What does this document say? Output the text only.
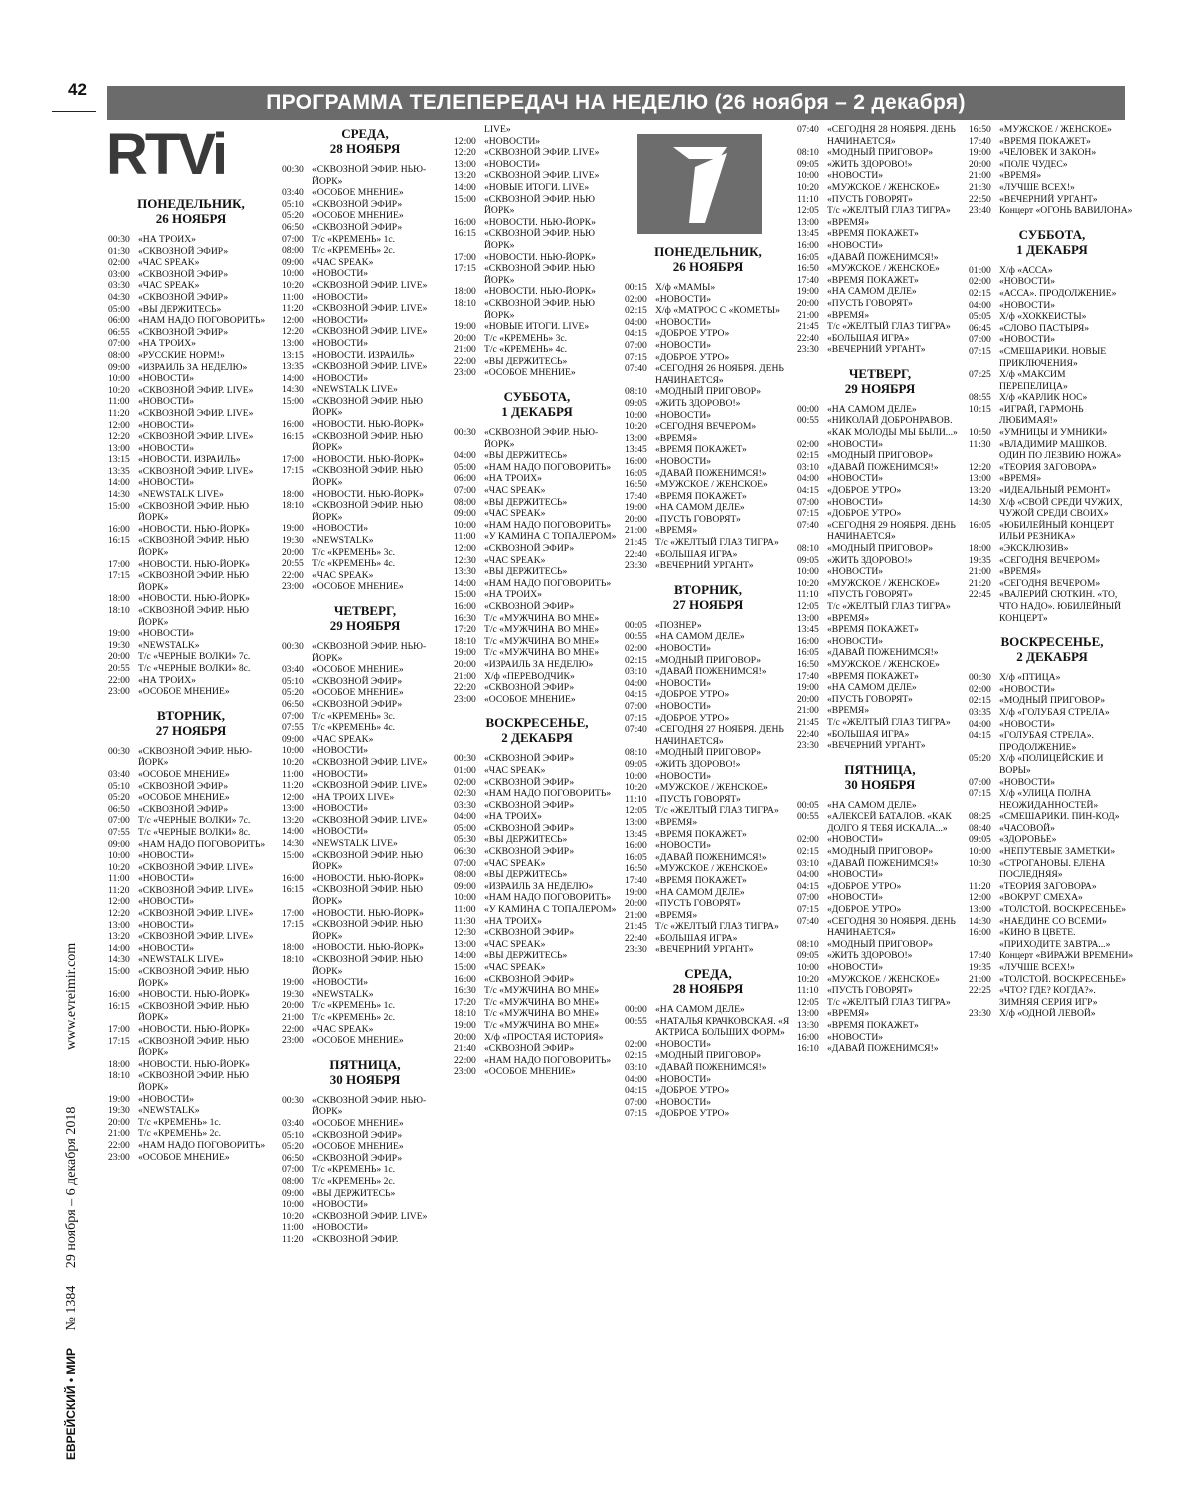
42
ПРОГРАММА ТЕЛЕПЕРЕДАЧ НА НЕДЕЛЮ (26 ноября – 2 декабря)
ЕВРЕЙСКИЙ • МИР № 1384 29 ноября – 6 декабря 2018
www.evreimir.com
RTVi
ПОНЕДЕЛЬНИК,
26 НОЯБРЯ
00:30 «НА ТРОИХ»
01:30 «СКВОЗНОЙ ЭФИР»
02:00 «ЧАС SPEAK»
03:00 «СКВОЗНОЙ ЭФИР»
03:30 «ЧАС SPEAK»
04:30 «СКВОЗНОЙ ЭФИР»
05:00 «ВЫ ДЕРЖИТЕСЬ»
06:00 «НАМ НАДО ПОГОВОРИТЬ»
06:55 «СКВОЗНОЙ ЭФИР»
07:00 «НА ТРОИХ»
08:00 «РУССКИЕ НОРМ!»
09:00 «ИЗРАИЛЬ ЗА НЕДЕЛЮ»
10:00 «НОВОСТИ»
10:20 «СКВОЗНОЙ ЭФИР. LIVE»
11:00 «НОВОСТИ»
11:20 «СКВОЗНОЙ ЭФИР. LIVE»
12:00 «НОВОСТИ»
12:20 «СКВОЗНОЙ ЭФИР. LIVE»
13:00 «НОВОСТИ»
13:15 «НОВОСТИ. ИЗРАИЛЬ»
13:35 «СКВОЗНОЙ ЭФИР. LIVE»
14:00 «НОВОСТИ»
14:30 «NEWSTALK LIVE»
15:00 «СКВОЗНОЙ ЭФИР. НЬЮ ЙОРК»
16:00 «НОВОСТИ. НЬЮ-ЙОРК»
16:15 «СКВОЗНОЙ ЭФИР. НЬЮ ЙОРК»
17:00 «НОВОСТИ. НЬЮ-ЙОРК»
17:15 «СКВОЗНОЙ ЭФИР. НЬЮ ЙОРК»
18:00 «НОВОСТИ. НЬЮ-ЙОРК»
18:10 «СКВОЗНОЙ ЭФИР. НЬЮ ЙОРК»
19:00 «НОВОСТИ»
19:30 «NEWSTALK»
20:00 Т/с «ЧЕРНЫЕ ВОЛКИ» 7с.
20:55 Т/с «ЧЕРНЫЕ ВОЛКИ» 8с.
22:00 «НА ТРОИХ»
23:00 «ОСОБОЕ МНЕНИЕ»
ВТОРНИК,
27 НОЯБРЯ
00:30 «СКВОЗНОЙ ЭФИР. НЬЮ-ЙОРК»
03:40 «ОСОБОЕ МНЕНИЕ»
05:10 «СКВОЗНОЙ ЭФИР»
05:20 «ОСОБОЕ МНЕНИЕ»
06:50 «СКВОЗНОЙ ЭФИР»
07:00 Т/с «ЧЕРНЫЕ ВОЛКИ» 7с.
07:55 Т/с «ЧЕРНЫЕ ВОЛКИ» 8с.
09:00 «НАМ НАДО ПОГОВОРИТЬ»
10:00 «НОВОСТИ»
10:20 «СКВОЗНОЙ ЭФИР. LIVE»
11:00 «НОВОСТИ»
11:20 «СКВОЗНОЙ ЭФИР. LIVE»
12:00 «НОВОСТИ»
12:20 «СКВОЗНОЙ ЭФИР. LIVE»
13:00 «НОВОСТИ»
13:20 «СКВОЗНОЙ ЭФИР. LIVE»
14:00 «НОВОСТИ»
14:30 «NEWSTALK LIVE»
15:00 «СКВОЗНОЙ ЭФИР. НЬЮ ЙОРК»
16:00 «НОВОСТИ. НЬЮ-ЙОРК»
16:15 «СКВОЗНОЙ ЭФИР. НЬЮ ЙОРК»
17:00 «НОВОСТИ. НЬЮ-ЙОРК»
17:15 «СКВОЗНОЙ ЭФИР. НЬЮ ЙОРК»
18:00 «НОВОСТИ. НЬЮ-ЙОРК»
18:10 «СКВОЗНОЙ ЭФИР. НЬЮ ЙОРК»
19:00 «НОВОСТИ»
19:30 «NEWSTALK»
20:00 Т/с «КРЕМЕНЬ» 1с.
21:00 Т/с «КРЕМЕНЬ» 2с.
22:00 «НАМ НАДО ПОГОВОРИТЬ»
23:00 «ОСОБОЕ МНЕНИЕ»
СРЕДА,
28 НОЯБРЯ
00:30 «СКВОЗНОЙ ЭФИР. НЬЮ-ЙОРК»
03:40 «ОСОБОЕ МНЕНИЕ»
05:10 «СКВОЗНОЙ ЭФИР»
05:20 «ОСОБОЕ МНЕНИЕ»
06:50 «СКВОЗНОЙ ЭФИР»
07:00 Т/с «КРЕМЕНЬ» 1с.
08:00 Т/с «КРЕМЕНЬ» 2с.
09:00 «ЧАС SPEAK»
10:00 «НОВОСТИ»
10:20 «СКВОЗНОЙ ЭФИР. LIVE»
11:00 «НОВОСТИ»
11:20 «СКВОЗНОЙ ЭФИР. LIVE»
12:00 «НОВОСТИ»
12:20 «СКВОЗНОЙ ЭФИР. LIVE»
13:00 «НОВОСТИ»
13:15 «НОВОСТИ. ИЗРАИЛЬ»
13:35 «СКВОЗНОЙ ЭФИР. LIVE»
14:00 «НОВОСТИ»
14:30 «NEWSTALK LIVE»
15:00 «СКВОЗНОЙ ЭФИР. НЬЮ ЙОРК»
16:00 «НОВОСТИ. НЬЮ-ЙОРК»
16:15 «СКВОЗНОЙ ЭФИР. НЬЮ ЙОРК»
17:00 «НОВОСТИ. НЬЮ-ЙОРК»
17:15 «СКВОЗНОЙ ЭФИР. НЬЮ ЙОРК»
18:00 «НОВОСТИ. НЬЮ-ЙОРК»
18:10 «СКВОЗНОЙ ЭФИР. НЬЮ ЙОРК»
19:00 «НОВОСТИ»
19:30 «NEWSTALK»
20:00 Т/с «КРЕМЕНЬ» 3с.
20:55 Т/с «КРЕМЕНЬ» 4с.
22:00 «ЧАС SPEAK»
23:00 «ОСОБОЕ МНЕНИЕ»
ЧЕТВЕРГ,
29 НОЯБРЯ
00:30 «СКВОЗНОЙ ЭФИР. НЬЮ-ЙОРК»
03:40 «ОСОБОЕ МНЕНИЕ»
05:10 «СКВОЗНОЙ ЭФИР»
05:20 «ОСОБОЕ МНЕНИЕ»
06:50 «СКВОЗНОЙ ЭФИР»
07:00 Т/с «КРЕМЕНЬ» 3с.
07:55 Т/с «КРЕМЕНЬ» 4с.
09:00 «ЧАС SPEAK»
10:00 «НОВОСТИ»
10:20 «СКВОЗНОЙ ЭФИР. LIVE»
11:00 «НОВОСТИ»
11:20 «СКВОЗНОЙ ЭФИР. LIVE»
12:00 «НА ТРОИХ LIVE»
13:00 «НОВОСТИ»
13:20 «СКВОЗНОЙ ЭФИР. LIVE»
14:00 «НОВОСТИ»
14:30 «NEWSTALK LIVE»
15:00 «СКВОЗНОЙ ЭФИР. НЬЮ ЙОРК»
16:00 «НОВОСТИ. НЬЮ-ЙОРК»
16:15 «СКВОЗНОЙ ЭФИР. НЬЮ ЙОРК»
17:00 «НОВОСТИ. НЬЮ-ЙОРК»
17:15 «СКВОЗНОЙ ЭФИР. НЬЮ ЙОРК»
18:00 «НОВОСТИ. НЬЮ-ЙОРК»
18:10 «СКВОЗНОЙ ЭФИР. НЬЮ ЙОРК»
19:00 «НОВОСТИ»
19:30 «NEWSTALK»
20:00 Т/с «КРЕМЕНЬ» 1с.
21:00 Т/с «КРЕМЕНЬ» 2с.
22:00 «ЧАС SPEAK»
23:00 «ОСОБОЕ МНЕНИЕ»
ПЯТНИЦА,
30 НОЯБРЯ
00:30 «СКВОЗНОЙ ЭФИР. НЬЮ-ЙОРК»
03:40 «ОСОБОЕ МНЕНИЕ»
05:10 «СКВОЗНОЙ ЭФИР»
05:20 «ОСОБОЕ МНЕНИЕ»
06:50 «СКВОЗНОЙ ЭФИР»
07:00 Т/с «КРЕМЕНЬ» 1с.
08:00 Т/с «КРЕМЕНЬ» 2с.
09:00 «ВЫ ДЕРЖИТЕСЬ»
10:00 «НОВОСТИ»
10:20 «СКВОЗНОЙ ЭФИР. LIVE»
11:00 «НОВОСТИ»
11:20 «СКВОЗНОЙ ЭФИР.
LIVE»
12:00 «НОВОСТИ»
12:20 «СКВОЗНОЙ ЭФИР. LIVE»
13:00 «НОВОСТИ»
13:20 «СКВОЗНОЙ ЭФИР. LIVE»
14:00 «НОВЫЕ ИТОГИ. LIVE»
15:00 «СКВОЗНОЙ ЭФИР. НЬЮ ЙОРК»
16:00 «НОВОСТИ. НЬЮ-ЙОРК»
16:15 «СКВОЗНОЙ ЭФИР. НЬЮ ЙОРК»
17:00 «НОВОСТИ. НЬЮ-ЙОРК»
17:15 «СКВОЗНОЙ ЭФИР. НЬЮ ЙОРК»
18:00 «НОВОСТИ. НЬЮ-ЙОРК»
18:10 «СКВОЗНОЙ ЭФИР. НЬЮ ЙОРК»
19:00 «НОВЫЕ ИТОГИ. LIVE»
20:00 Т/с «КРЕМЕНЬ» 3с.
21:00 Т/с «КРЕМЕНЬ» 4с.
22:00 «ВЫ ДЕРЖИТЕСЬ»
23:00 «ОСОБОЕ МНЕНИЕ»
СУББОТА,
1 ДЕКАБРЯ
00:30 «СКВОЗНОЙ ЭФИР. НЬЮ-ЙОРК»
04:00 «ВЫ ДЕРЖИТЕСЬ»
05:00 «НАМ НАДО ПОГОВОРИТЬ»
06:00 «НА ТРОИХ»
07:00 «ЧАС SPEAK»
08:00 «ВЫ ДЕРЖИТЕСЬ»
09:00 «ЧАС SPEAK»
10:00 «НАМ НАДО ПОГОВОРИТЬ»
11:00 «У КАМИНА С ТОПАЛЕРОМ»
12:00 «СКВОЗНОЙ ЭФИР»
12:30 «ЧАС SPEAK»
13:30 «ВЫ ДЕРЖИТЕСЬ»
14:00 «НАМ НАДО ПОГОВОРИТЬ»
15:00 «НА ТРОИХ»
16:00 «СКВОЗНОЙ ЭФИР»
16:30 Т/с «МУЖЧИНА ВО МНЕ»
17:20 Т/с «МУЖЧИНА ВО МНЕ»
18:10 Т/с «МУЖЧИНА ВО МНЕ»
19:00 Т/с «МУЖЧИНА ВО МНЕ»
20:00 «ИЗРАИЛЬ ЗА НЕДЕЛЮ»
21:00 Х/ф «ПЕРЕВОДЧИК»
22:20 «СКВОЗНОЙ ЭФИР»
23:00 «ОСОБОЕ МНЕНИЕ»
ВОСКРЕСЕНЬЕ,
2 ДЕКАБРЯ
00:30 «СКВОЗНОЙ ЭФИР»
01:00 «ЧАС SPEAK»
02:00 «СКВОЗНОЙ ЭФИР»
02:30 «НАМ НАДО ПОГОВОРИТЬ»
03:30 «СКВОЗНОЙ ЭФИР»
04:00 «НА ТРОИХ»
05:00 «СКВОЗНОЙ ЭФИР»
05:30 «ВЫ ДЕРЖИТЕСЬ»
06:30 «СКВОЗНОЙ ЭФИР»
07:00 «ЧАС SPEAK»
08:00 «ВЫ ДЕРЖИТЕСЬ»
09:00 «ИЗРАИЛЬ ЗА НЕДЕЛЮ»
10:00 «НАМ НАДО ПОГОВОРИТЬ»
11:00 «У КАМИНА С ТОПАЛЕРОМ»
11:30 «НА ТРОИХ»
12:30 «СКВОЗНОЙ ЭФИР»
13:00 «ЧАС SPEAK»
14:00 «ВЫ ДЕРЖИТЕСЬ»
15:00 «ЧАС SPEAK»
16:00 «СКВОЗНОЙ ЭФИР»
16:30 Т/с «МУЖЧИНА ВО МНЕ»
17:20 Т/с «МУЖЧИНА ВО МНЕ»
18:10 Т/с «МУЖЧИНА ВО МНЕ»
19:00 Т/с «МУЖЧИНА ВО МНЕ»
20:00 Х/ф «ПРОСТАЯ ИСТОРИЯ»
21:40 «СКВОЗНОЙ ЭФИР»
22:00 «НАМ НАДО ПОГОВОРИТЬ»
23:00 «ОСОБОЕ МНЕНИЕ»
ПОНЕДЕЛЬНИК,
26 НОЯБРЯ
00:15 Х/ф «МАМЫ»
02:00 «НОВОСТИ»
02:15 Х/ф «МАТРОС С «КОМЕТЫ»
04:00 «НОВОСТИ»
04:15 «ДОБРОЕ УТРО»
07:00 «НОВОСТИ»
07:15 «ДОБРОЕ УТРО»
07:40 «СЕГОДНЯ 26 НОЯБРЯ. ДЕНЬ НАЧИНАЕТСЯ»
08:10 «МОДНЫЙ ПРИГОВОР»
09:05 «ЖИТЬ ЗДОРОВО!»
10:00 «НОВОСТИ»
10:20 «СЕГОДНЯ ВЕЧЕРОМ»
13:00 «ВРЕМЯ»
13:45 «ВРЕМЯ ПОКАЖЕТ»
16:00 «НОВОСТИ»
16:05 «ДАВАЙ ПОЖЕНИМСЯ!»
16:50 «МУЖСКОЕ / ЖЕНСКОЕ»
17:40 «ВРЕМЯ ПОКАЖЕТ»
19:00 «НА САМОМ ДЕЛЕ»
20:00 «ПУСТЬ ГОВОРЯТ»
21:00 «ВРЕМЯ»
21:45 Т/с «ЖЕЛТЫЙ ГЛАЗ ТИГРА»
22:40 «БОЛЬШАЯ ИГРА»
23:30 «ВЕЧЕРНИЙ УРГАНТ»
ВТОРНИК,
27 НОЯБРЯ
00:05 «ПОЗНЕР»
00:55 «НА САМОМ ДЕЛЕ»
02:00 «НОВОСТИ»
02:15 «МОДНЫЙ ПРИГОВОР»
03:10 «ДАВАЙ ПОЖЕНИМСЯ!»
04:00 «НОВОСТИ»
04:15 «ДОБРОЕ УТРО»
07:00 «НОВОСТИ»
07:15 «ДОБРОЕ УТРО»
07:40 «СЕГОДНЯ 27 НОЯБРЯ. ДЕНЬ НАЧИНАЕТСЯ»
08:10 «МОДНЫЙ ПРИГОВОР»
09:05 «ЖИТЬ ЗДОРОВО!»
10:00 «НОВОСТИ»
10:20 «МУЖСКОЕ / ЖЕНСКОЕ»
11:10 «ПУСТЬ ГОВОРЯТ»
12:05 Т/с «ЖЕЛТЫЙ ГЛАЗ ТИГРА»
13:00 «ВРЕМЯ»
13:45 «ВРЕМЯ ПОКАЖЕТ»
16:00 «НОВОСТИ»
16:05 «ДАВАЙ ПОЖЕНИМСЯ!»
16:50 «МУЖСКОЕ / ЖЕНСКОЕ»
17:40 «ВРЕМЯ ПОКАЖЕТ»
19:00 «НА САМОМ ДЕЛЕ»
20:00 «ПУСТЬ ГОВОРЯТ»
21:00 «ВРЕМЯ»
21:45 Т/с «ЖЕЛТЫЙ ГЛАЗ ТИГРА»
22:40 «БОЛЬШАЯ ИГРА»
23:30 «ВЕЧЕРНИЙ УРГАНТ»
СРЕДА,
28 НОЯБРЯ
00:00 «НА САМОМ ДЕЛЕ»
00:55 «НАТАЛЬЯ КРАЧКОВСКАЯ. «Я АКТРИСА БОЛЬШИХ ФОРМ»
02:00 «НОВОСТИ»
02:15 «МОДНЫЙ ПРИГОВОР»
03:10 «ДАВАЙ ПОЖЕНИМСЯ!»
04:00 «НОВОСТИ»
04:15 «ДОБРОЕ УТРО»
07:00 «НОВОСТИ»
07:15 «ДОБРОЕ УТРО»
07:40 «СЕГОДНЯ 28 НОЯБРЯ. ДЕНЬ НАЧИНАЕТСЯ»
08:10 «МОДНЫЙ ПРИГОВОР»
09:05 «ЖИТЬ ЗДОРОВО!»
10:00 «НОВОСТИ»
10:20 «МУЖСКОЕ / ЖЕНСКОЕ»
11:10 «ПУСТЬ ГОВОРЯТ»
12:05 Т/с «ЖЕЛТЫЙ ГЛАЗ ТИГРА»
13:00 «ВРЕМЯ»
13:45 «ВРЕМЯ ПОКАЖЕТ»
16:00 «НОВОСТИ»
16:05 «ДАВАЙ ПОЖЕНИМСЯ!»
16:50 «МУЖСКОЕ / ЖЕНСКОЕ»
17:40 «ВРЕМЯ ПОКАЖЕТ»
19:00 «НА САМОМ ДЕЛЕ»
20:00 «ПУСТЬ ГОВОРЯТ»
21:00 «ВРЕМЯ»
21:45 Т/с «ЖЕЛТЫЙ ГЛАЗ ТИГРА»
22:40 «БОЛЬШАЯ ИГРА»
23:30 «ВЕЧЕРНИЙ УРГАНТ»
ЧЕТВЕРГ,
29 НОЯБРЯ
00:00 «НА САМОМ ДЕЛЕ»
00:55 «НИКОЛАЙ ДОБРОНРАВОВ. «КАК МОЛОДЫ МЫ БЫЛИ...»
02:00 «НОВОСТИ»
02:15 «МОДНЫЙ ПРИГОВОР»
03:10 «ДАВАЙ ПОЖЕНИМСЯ!»
04:00 «НОВОСТИ»
04:15 «ДОБРОЕ УТРО»
07:00 «НОВОСТИ»
07:15 «ДОБРОЕ УТРО»
07:40 «СЕГОДНЯ 29 НОЯБРЯ. ДЕНЬ НАЧИНАЕТСЯ»
08:10 «МОДНЫЙ ПРИГОВОР»
09:05 «ЖИТЬ ЗДОРОВО!»
10:00 «НОВОСТИ»
10:20 «МУЖСКОЕ / ЖЕНСКОЕ»
11:10 «ПУСТЬ ГОВОРЯТ»
12:05 Т/с «ЖЕЛТЫЙ ГЛАЗ ТИГРА»
13:00 «ВРЕМЯ»
13:45 «ВРЕМЯ ПОКАЖЕТ»
16:00 «НОВОСТИ»
16:05 «ДАВАЙ ПОЖЕНИМСЯ!»
16:50 «МУЖСКОЕ / ЖЕНСКОЕ»
17:40 «ВРЕМЯ ПОКАЖЕТ»
19:00 «НА САМОМ ДЕЛЕ»
20:00 «ПУСТЬ ГОВОРЯТ»
21:00 «ВРЕМЯ»
21:45 Т/с «ЖЕЛТЫЙ ГЛАЗ ТИГРА»
22:40 «БОЛЬШАЯ ИГРА»
23:30 «ВЕЧЕРНИЙ УРГАНТ»
ПЯТНИЦА,
30 НОЯБРЯ
00:05 «НА САМОМ ДЕЛЕ»
00:55 «АЛЕКСЕЙ БАТАЛОВ. «КАК ДОЛГО Я ТЕБЯ ИСКАЛА...»
02:00 «НОВОСТИ»
02:15 «МОДНЫЙ ПРИГОВОР»
03:10 «ДАВАЙ ПОЖЕНИМСЯ!»
04:00 «НОВОСТИ»
04:15 «ДОБРОЕ УТРО»
07:00 «НОВОСТИ»
07:15 «ДОБРОЕ УТРО»
07:40 «СЕГОДНЯ 30 НОЯБРЯ. ДЕНЬ НАЧИНАЕТСЯ»
08:10 «МОДНЫЙ ПРИГОВОР»
09:05 «ЖИТЬ ЗДОРОВО!»
10:00 «НОВОСТИ»
10:20 «МУЖСКОЕ / ЖЕНСКОЕ»
11:10 «ПУСТЬ ГОВОРЯТ»
12:05 Т/с «ЖЕЛТЫЙ ГЛАЗ ТИГРА»
13:00 «ВРЕМЯ»
13:30 «ВРЕМЯ ПОКАЖЕТ»
16:00 «НОВОСТИ»
16:10 «ДАВАЙ ПОЖЕНИМСЯ!»
16:50 «МУЖСКОЕ / ЖЕНСКОЕ»
17:40 «ВРЕМЯ ПОКАЖЕТ»
19:00 «ЧЕЛОВЕК И ЗАКОН»
20:00 «ПОЛЕ ЧУДЕС»
21:00 «ВРЕМЯ»
21:30 «ЛУЧШЕ ВСЕХ!»
22:50 «ВЕЧЕРНИЙ УРГАНТ»
23:40 Концерт «ОГОНЬ ВАВИЛОНА»
СУББОТА,
1 ДЕКАБРЯ
01:00 Х/ф «АССА»
02:00 «НОВОСТИ»
02:15 «АССА». ПРОДОЛЖЕНИЕ»
04:00 «НОВОСТИ»
05:05 Х/ф «ХОККЕИСТЫ»
06:45 «СЛОВО ПАСТЫРЯ»
07:00 «НОВОСТИ»
07:15 «СМЕШАРИКИ. НОВЫЕ ПРИКЛЮЧЕНИЯ»
07:25 Х/ф «МАКСИМ ПЕРЕПЕЛИЦА»
08:55 Х/ф «КАРЛИК НОС»
10:15 «ИГРАЙ, ГАРМОНЬ ЛЮБИМАЯ!»
10:50 «УМНИЦЫ И УМНИКИ»
11:30 «ВЛАДИМИР МАШКОВ. ОДИН ПО ЛЕЗВИЮ НОЖА»
12:20 «ТЕОРИЯ ЗАГОВОРА»
13:00 «ВРЕМЯ»
13:20 «ИДЕАЛЬНЫЙ РЕМОНТ»
14:30 Х/ф «СВОЙ СРЕДИ ЧУЖИХ, ЧУЖОЙ СРЕДИ СВОИХ»
16:05 «ЮБИЛЕЙНЫЙ КОНЦЕРТ ИЛЬИ РЕЗНИКА»
18:00 «ЭКСКЛЮЗИВ»
19:35 «СЕГОДНЯ ВЕЧЕРОМ»
21:00 «ВРЕМЯ»
21:20 «СЕГОДНЯ ВЕЧЕРОМ»
22:45 «ВАЛЕРИЙ СЮТКИН. «ТО, ЧТО НАДО». ЮБИЛЕЙНЫЙ КОНЦЕРТ»
ВОСКРЕСЕНЬЕ,
2 ДЕКАБРЯ
00:30 Х/ф «ПТИЦА»
02:00 «НОВОСТИ»
02:15 «МОДНЫЙ ПРИГОВОР»
03:35 Х/ф «ГОЛУБАЯ СТРЕЛА»
04:00 «НОВОСТИ»
04:15 «ГОЛУБАЯ СТРЕЛА». ПРОДОЛЖЕНИЕ»
05:20 Х/ф «ПОЛИЦЕЙСКИЕ И ВОРЫ»
07:00 «НОВОСТИ»
07:15 Х/ф «УЛИЦА ПОЛНА НЕОЖИДАННОСТЕЙ»
08:25 «СМЕШАРИКИ. ПИН-КОД»
08:40 «ЧАСОВОЙ»
09:05 «ЗДОРОВЬЕ»
10:00 «НЕПУТЕВЫЕ ЗАМЕТКИ»
10:30 «СТРОГАНОВЫ. ЕЛЕНА ПОСЛЕДНЯЯ»
11:20 «ТЕОРИЯ ЗАГОВОРА»
12:00 «ВОКРУГ СМЕХА»
13:00 «ТОЛСТОЙ. ВОСКРЕСЕНЬЕ»
14:30 «НАЕДИНЕ СО ВСЕМИ»
16:00 «КИНО В ЦВЕТЕ. «ПРИХОДИТЕ ЗАВТРА...»
17:40 Концерт «ВИРАЖИ ВРЕМЕНИ»
19:35 «ЛУЧШЕ ВСЕХ!»
21:00 «ТОЛСТОЙ. ВОСКРЕСЕНЬЕ»
22:25 «ЧТО? ГДЕ? КОГДА?». ЗИМНЯЯ СЕРИЯ ИГР»
23:30 Х/ф «ОДНОЙ ЛЕВОЙ»
